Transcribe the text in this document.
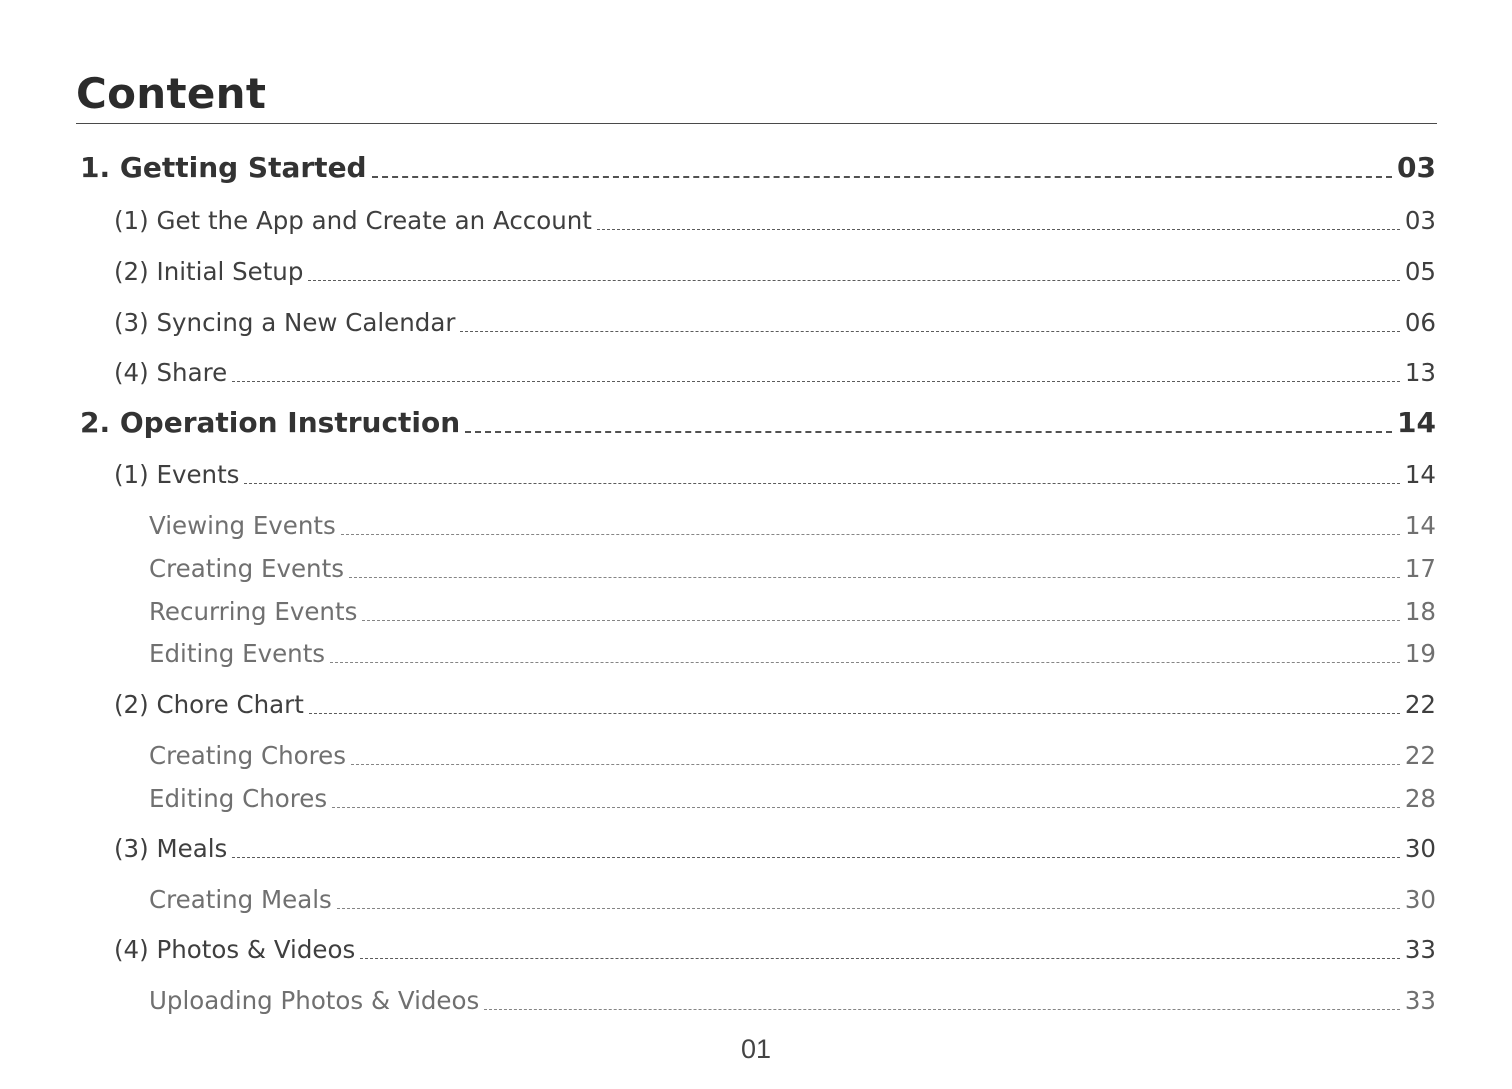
Content
1. Getting Started	03
(1) Get the App and Create an Account	03
(2) Initial Setup	05
(3) Syncing a New Calendar	06
(4) Share	13
2. Operation Instruction	14
(1) Events	14
Viewing Events	14
Creating Events	17
Recurring Events	18
Editing Events	19
(2) Chore Chart	22
Creating Chores	22
Editing Chores	28
(3) Meals	30
Creating Meals	30
(4) Photos & Videos	33
Uploading Photos & Videos	33

01
